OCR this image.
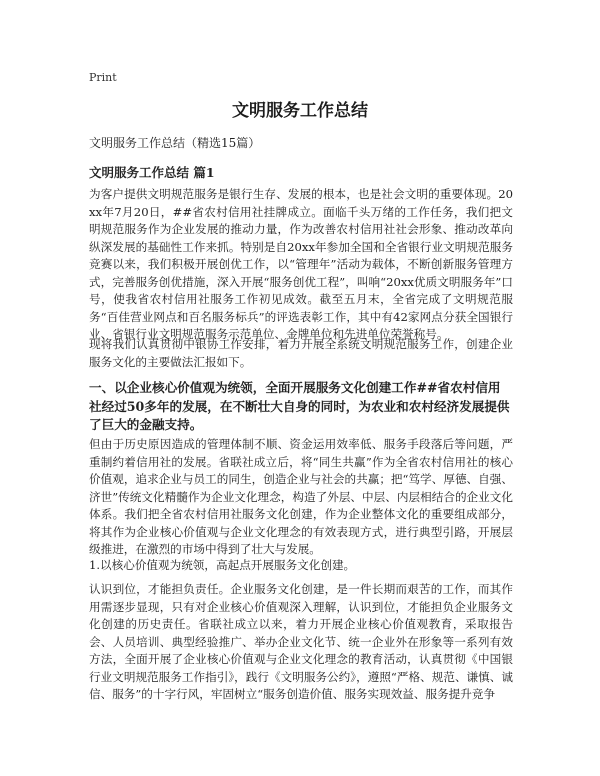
Print
文明服务工作总结
文明服务工作总结（精选15篇）
文明服务工作总结 篇1
为客户提供文明规范服务是银行生存、发展的根本，也是社会文明的重要体现。20xx年7月20日，##省农村信用社挂牌成立。面临千头万绪的工作任务，我们把文明规范服务作为企业发展的推动力量，作为改善农村信用社社会形象、推动改革向纵深发展的基础性工作来抓。特别是自20xx年参加全国和全省银行业文明规范服务竞赛以来，我们积极开展创优工作，以“管理年”活动为载体，不断创新服务管理方式，完善服务创优措施，深入开展“服务创优工程”，叫响“20xx优质文明服务年”口号，使我省农村信用社服务工作初见成效。截至五月末，全省完成了文明规范服务“百佳营业网点和百名服务标兵”的评选表彰工作，其中有42家网点分获全国银行业、省银行业文明规范服务示范单位、金牌单位和先进单位荣誉称号。
现将我们认真贯彻中银协工作安排，着力开展全系统文明规范服务工作，创建企业服务文化的主要做法汇报如下。
一、以企业核心价值观为统领，全面开展服务文化创建工作##省农村信用社经过50多年的发展，在不断壮大自身的同时，为农业和农村经济发展提供了巨大的金融支持。
但由于历史原因造成的管理体制不顺、资金运用效率低、服务手段落后等问题，严重制约着信用社的发展。省联社成立后，将“同生共赢”作为全省农村信用社的核心价值观，追求企业与员工的同生，创造企业与社会的共赢；把“笃学、厚德、自强、济世”传统文化精髓作为企业文化理念，构造了外层、中层、内层相结合的企业文化体系。我们把全省农村信用社服务文化创建，作为企业整体文化的重要组成部分，将其作为企业核心价值观与企业文化理念的有效表现方式，进行典型引路，开展层级推进，在激烈的市场中得到了壮大与发展。
1.以核心价值观为统领，高起点开展服务文化创建。
认识到位，才能担负责任。企业服务文化创建，是一件长期而艰苦的工作，而其作用需逐步显现，只有对企业核心价值观深入理解，认识到位，才能担负企业服务文化创建的历史责任。省联社成立以来，着力开展企业核心价值观教育，采取报告会、人员培训、典型经验推广、举办企业文化节、统一企业外在形象等一系列有效方法，全面开展了企业核心价值观与企业文化理念的教育活动，认真贯彻《中国银行业文明规范服务工作指引》，践行《文明服务公约》，遵照“严格、规范、谦慎、诚信、服务”的十字行风，牢固树立“服务创造价值、服务实现效益、服务提升竞争
